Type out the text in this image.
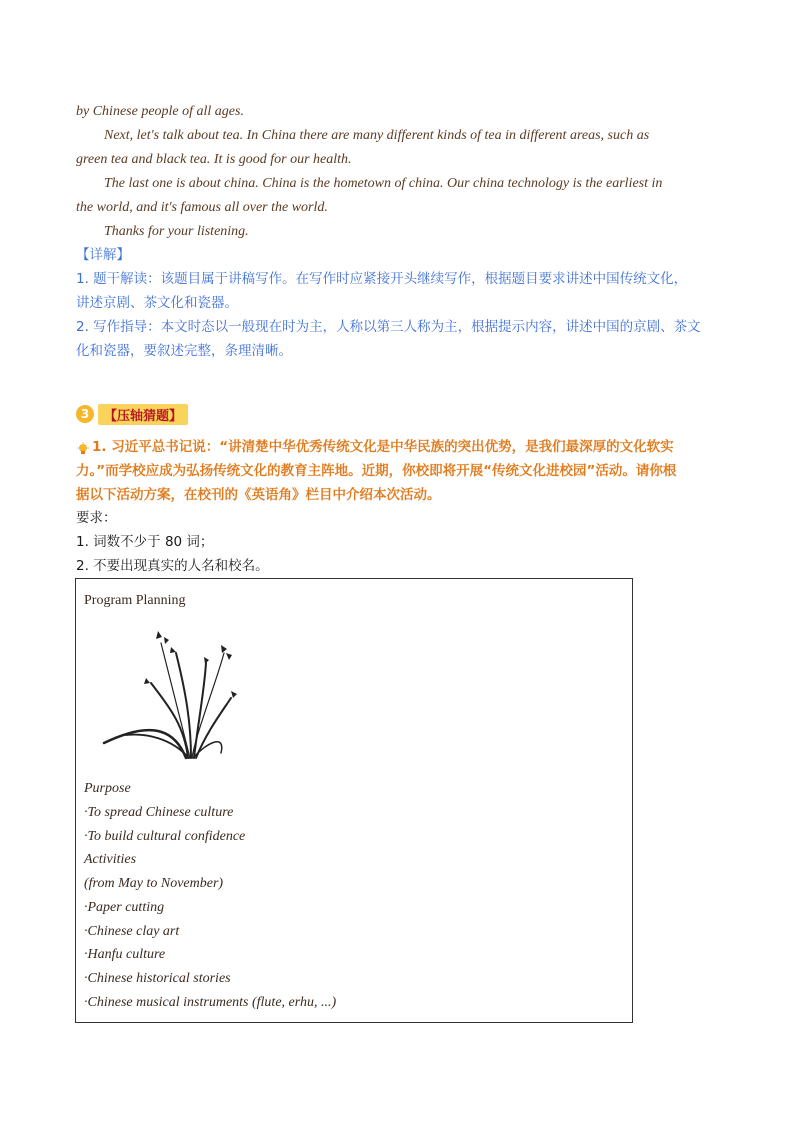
by Chinese people of all ages.
Next, let's talk about tea. In China there are many different kinds of tea in different areas, such as
green tea and black tea. It is good for our health.
The last one is about china. China is the hometown of china. Our china technology is the earliest in
the world, and it's famous all over the world.
Thanks for your listening.
【详解】
1. 题干解读：该题目属于讲稿写作。在写作时应紧接开头继续写作，根据题目要求讲述中国传统文化，
讲述京剧、茶文化和瓷器。
2. 写作指导：本文时态以一般现在时为主，人称以第三人称为主，根据提示内容，讲述中国的京剧、茶文
化和瓷器，要叙述完整，条理清晰。
3	【压轴猜题】
1. 习近平总书记说：“讲清楚中华优秀传统文化是中华民族的突出优势，是我们最深厚的文化软实
力。”而学校应成为弘扬传统文化的教育主阵地。近期，你校即将开展“传统文化进校园”活动。请你根
据以下活动方案，在校刊的《英语角》栏目中介绍本次活动。
要求：
1. 词数不少于 80 词；
2. 不要出现真实的人名和校名。
Program Planning
Purpose
·To spread Chinese culture
·To build cultural confidence
Activities
(from May to November)
·Paper cutting
·Chinese clay art
·Hanfu culture
·Chinese historical stories
·Chinese musical instruments (flute, erhu, ...)
